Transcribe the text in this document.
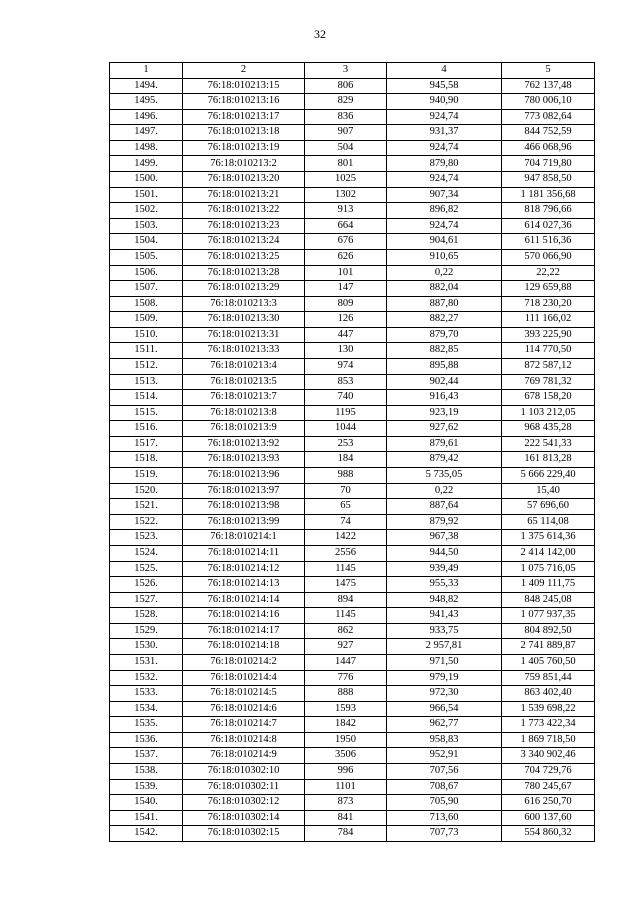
32
1	2	3	4	5
1494.	76:18:010213:15	806	945,58	762 137,48
1495.	76:18:010213:16	829	940,90	780 006,10
1496.	76:18:010213:17	836	924,74	773 082,64
1497.	76:18:010213:18	907	931,37	844 752,59
1498.	76:18:010213:19	504	924,74	466 068,96
1499.	76:18:010213:2	801	879,80	704 719,80
1500.	76:18:010213:20	1025	924,74	947 858,50
1501.	76:18:010213:21	1302	907,34	1 181 356,68
1502.	76:18:010213:22	913	896,82	818 796,66
1503.	76:18:010213:23	664	924,74	614 027,36
1504.	76:18:010213:24	676	904,61	611 516,36
1505.	76:18:010213:25	626	910,65	570 066,90
1506.	76:18:010213:28	101	0,22	22,22
1507.	76:18:010213:29	147	882,04	129 659,88
1508.	76:18:010213:3	809	887,80	718 230,20
1509.	76:18:010213:30	126	882,27	111 166,02
1510.	76:18:010213:31	447	879,70	393 225,90
1511.	76:18:010213:33	130	882,85	114 770,50
1512.	76:18:010213:4	974	895,88	872 587,12
1513.	76:18:010213:5	853	902,44	769 781,32
1514.	76:18:010213:7	740	916,43	678 158,20
1515.	76:18:010213:8	1195	923,19	1 103 212,05
1516.	76:18:010213:9	1044	927,62	968 435,28
1517.	76:18:010213:92	253	879,61	222 541,33
1518.	76:18:010213:93	184	879,42	161 813,28
1519.	76:18:010213:96	988	5 735,05	5 666 229,40
1520.	76:18:010213:97	70	0,22	15,40
1521.	76:18:010213:98	65	887,64	57 696,60
1522.	76:18:010213:99	74	879,92	65 114,08
1523.	76:18:010214:1	1422	967,38	1 375 614,36
1524.	76:18:010214:11	2556	944,50	2 414 142,00
1525.	76:18:010214:12	1145	939,49	1 075 716,05
1526.	76:18:010214:13	1475	955,33	1 409 111,75
1527.	76:18:010214:14	894	948,82	848 245,08
1528.	76:18:010214:16	1145	941,43	1 077 937,35
1529.	76:18:010214:17	862	933,75	804 892,50
1530.	76:18:010214:18	927	2 957,81	2 741 889,87
1531.	76:18:010214:2	1447	971,50	1 405 760,50
1532.	76:18:010214:4	776	979,19	759 851,44
1533.	76:18:010214:5	888	972,30	863 402,40
1534.	76:18:010214:6	1593	966,54	1 539 698,22
1535.	76:18:010214:7	1842	962,77	1 773 422,34
1536.	76:18:010214:8	1950	958,83	1 869 718,50
1537.	76:18:010214:9	3506	952,91	3 340 902,46
1538.	76:18:010302:10	996	707,56	704 729,76
1539.	76:18:010302:11	1101	708,67	780 245,67
1540.	76:18:010302:12	873	705,90	616 250,70
1541.	76:18:010302:14	841	713,60	600 137,60
1542.	76:18:010302:15	784	707,73	554 860,32
